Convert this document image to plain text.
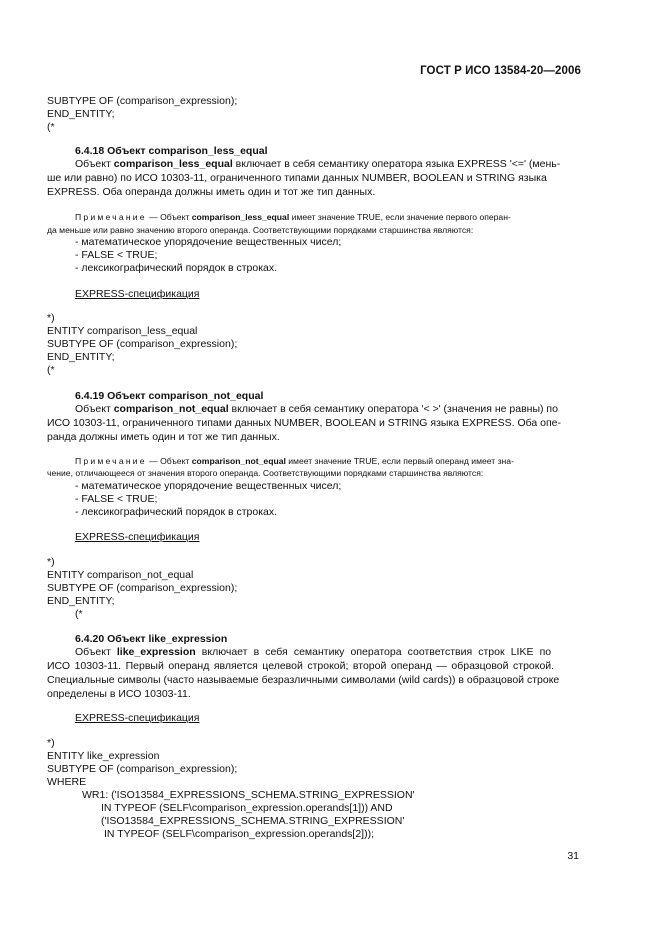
ГОСТ Р ИСО 13584-20—2006
SUBTYPE OF (comparison_expression);
END_ENTITY;
(*
6.4.18 Объект comparison_less_equal
Объект comparison_less_equal включает в себя семантику оператора языка EXPRESS '<=' (мень-
ше или равно) по ИСО 10303-11, ограниченного типами данных NUMBER, BOOLEAN и STRING языка
EXPRESS. Оба операнда должны иметь один и тот же тип данных.
Примечание — Объект comparison_less_equal имеет значение TRUE, если значение первого операн-
да меньше или равно значению второго операнда. Соответствующими порядками старшинства являются:
- математическое упорядочение вещественных чисел;
- FALSE < TRUE;
- лексикографический порядок в строках.
EXPRESS-спецификация
*)
ENTITY comparison_less_equal
SUBTYPE OF (comparison_expression);
END_ENTITY;
(*
6.4.19 Объект comparison_not_equal
Объект comparison_not_equal включает в себя семантику оператора '< >' (значения не равны) по
ИСО 10303-11, ограниченного типами данных NUMBER, BOOLEAN и STRING языка EXPRESS. Оба опе-
ранда должны иметь один и тот же тип данных.
Примечание — Объект comparison_not_equal имеет значение TRUE, если первый операнд имеет зна-
чение, отличающееся от значения второго операнда. Соответствующими порядками старшинства являются:
- математическое упорядочение вещественных чисел;
- FALSE < TRUE;
- лексикографический порядок в строках.
EXPRESS-спецификация
*)
ENTITY comparison_not_equal
SUBTYPE OF (comparison_expression);
END_ENTITY;
(*
6.4.20 Объект like_expression
Объект like_expression включает в себя семантику оператора соответствия строк LIKE по
ИСО 10303-11. Первый операнд является целевой строкой; второй операнд — образцовой строкой.
Специальные символы (часто называемые безразличными символами (wild cards)) в образцовой строке
определены в ИСО 10303-11.
EXPRESS-спецификация
*)
ENTITY like_expression
SUBTYPE OF (comparison_expression);
WHERE
WR1: ('ISO13584_EXPRESSIONS_SCHEMA.STRING_EXPRESSION'
IN TYPEOF (SELF\comparison_expression.operands[1])) AND
('ISO13584_EXPRESSIONS_SCHEMA.STRING_EXPRESSION'
IN TYPEOF (SELF\comparison_expression.operands[2]));
31
